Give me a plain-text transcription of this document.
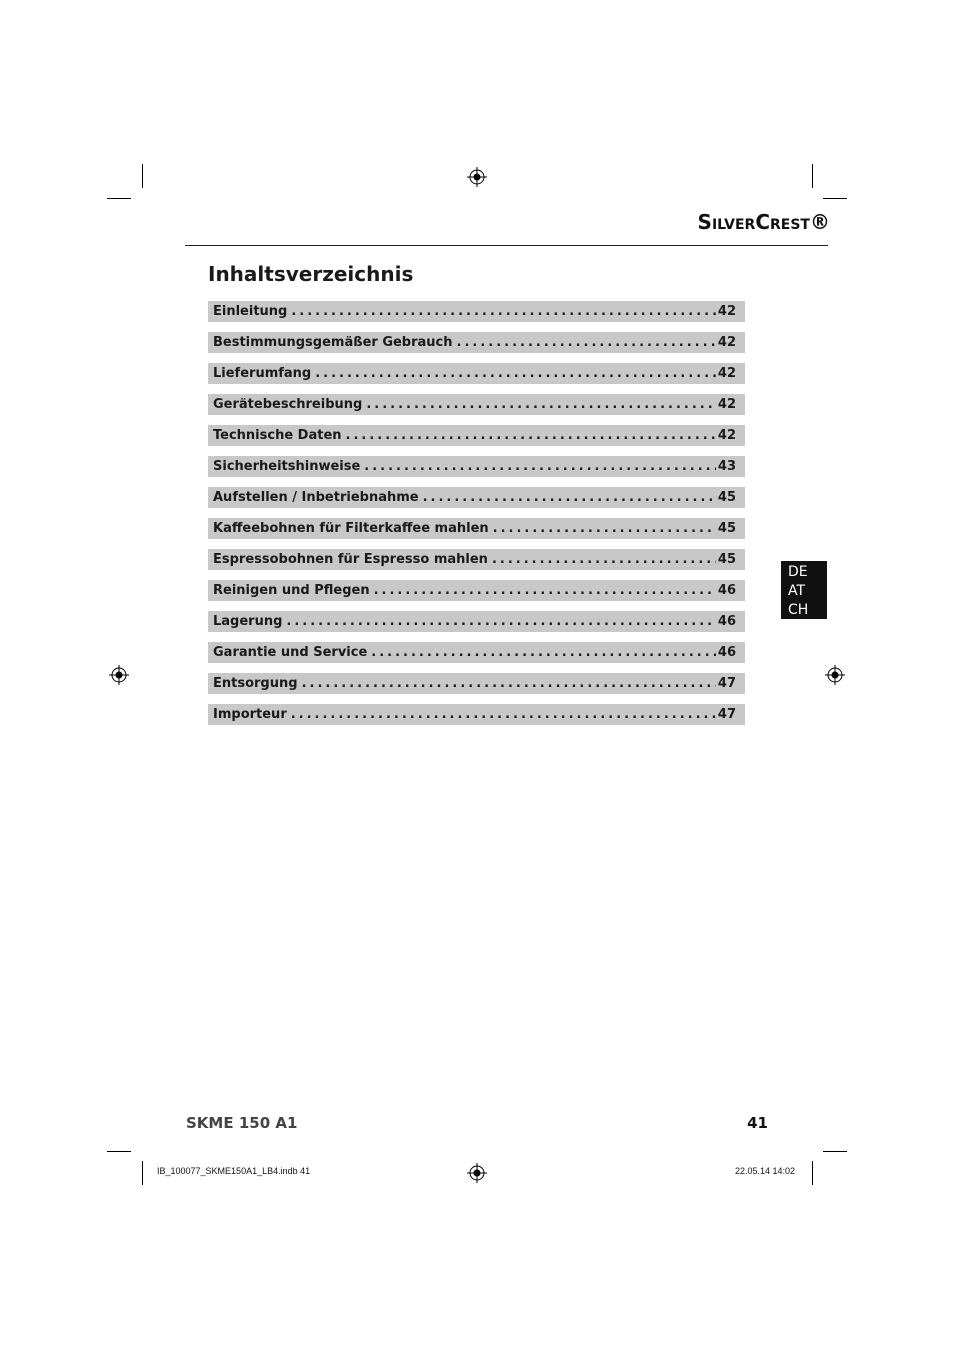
SilverCrest®
Inhaltsverzeichnis
Einleitung .....	42
Bestimmungsgemäßer Gebrauch .....	42
Lieferumfang .....	42
Gerätebeschreibung .....	42
Technische Daten .....	42
Sicherheitshinweise .....	43
Aufstellen / Inbetriebnahme .....	45
Kaffeebohnen für Filterkaffee mahlen .....	45
Espressobohnen für Espresso mahlen .....	45
Reinigen und Pflegen .....	46
Lagerung .....	46
Garantie und Service .....	46
Entsorgung .....	47
Importeur .....	47
DE
AT
CH
SKME 150 A1	41
IB_100077_SKME150A1_LB4.indb 41	22.05.14 14:02
